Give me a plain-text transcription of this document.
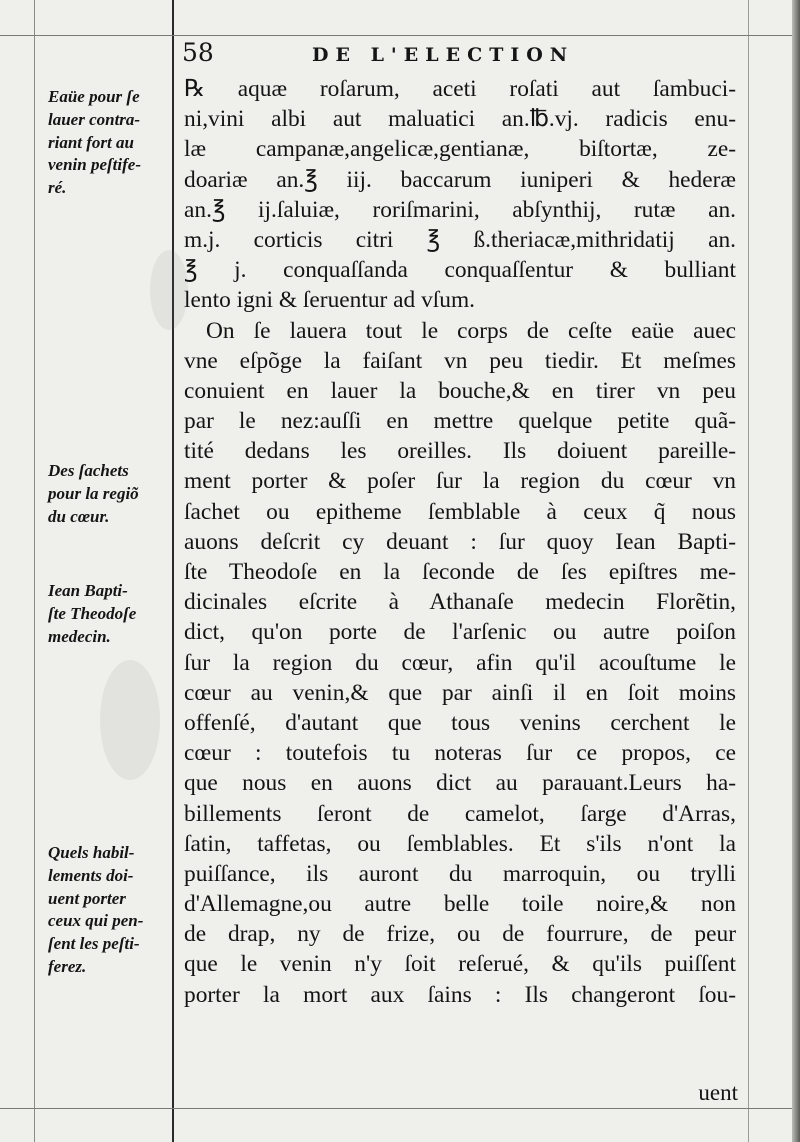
58	DE L'ELECTION
℞ aquæ roſarum, aceti roſati aut ſambuci-
ni,vini albi aut maluatici an.℔.vj. radicis enu-
læ campanæ,angelicæ,gentianæ, biſtortæ, ze-
doariæ an.℥ iij. baccarum iuniperi & hederæ
an.℥ ij.ſaluiæ, roriſmarini, abſynthij, rutæ an.
m.j. corticis citri ℥ ß.theriacæ,mithridatij an.
℥ j. conquaſſanda conquaſſentur & bulliant
lento igni & ſeruentur ad vſum.
On ſe lauera tout le corps de ceſte eaüe auec
vne eſpõge la faiſant vn peu tiedir. Et meſmes
conuient en lauer la bouche,& en tirer vn peu
par le nez:auſſi en mettre quelque petite quã-
tité dedans les oreilles. Ils doiuent pareille-
ment porter & poſer ſur la region du cœur vn
ſachet ou epitheme ſemblable à ceux q̃ nous
auons deſcrit cy deuant : ſur quoy Iean Bapti-
ſte Theodoſe en la ſeconde de ſes epiſtres me-
dicinales eſcrite à Athanaſe medecin Florẽtin,
dict, qu'on porte de l'arſenic ou autre poiſon
ſur la region du cœur, afin qu'il acouſtume le
cœur au venin,& que par ainſi il en ſoit moins
offenſé, d'autant que tous venins cerchent le
cœur : toutefois tu noteras ſur ce propos, ce
que nous en auons dict au parauant.Leurs ha-
billements ſeront de camelot, ſarge d'Arras,
ſatin, taffetas, ou ſemblables. Et s'ils n'ont la
puiſſance, ils auront du marroquin, ou trylli
d'Allemagne,ou autre belle toile noire,& non
de drap, ny de frize, ou de fourrure, de peur
que le venin n'y ſoit reſerué, & qu'ils puiſſent
porter la mort aux ſains : Ils changeront ſou-
uent
Eaüe pour ſe
lauer contra-
riant fort au
venin peſtife-
ré.
Des ſachets
pour la regiõ
du cœur.
Iean Bapti-
ſte Theodoſe
medecin.
Quels habil-
lements doi-
uent porter
ceux qui pen-
ſent les peſti-
ferez.
